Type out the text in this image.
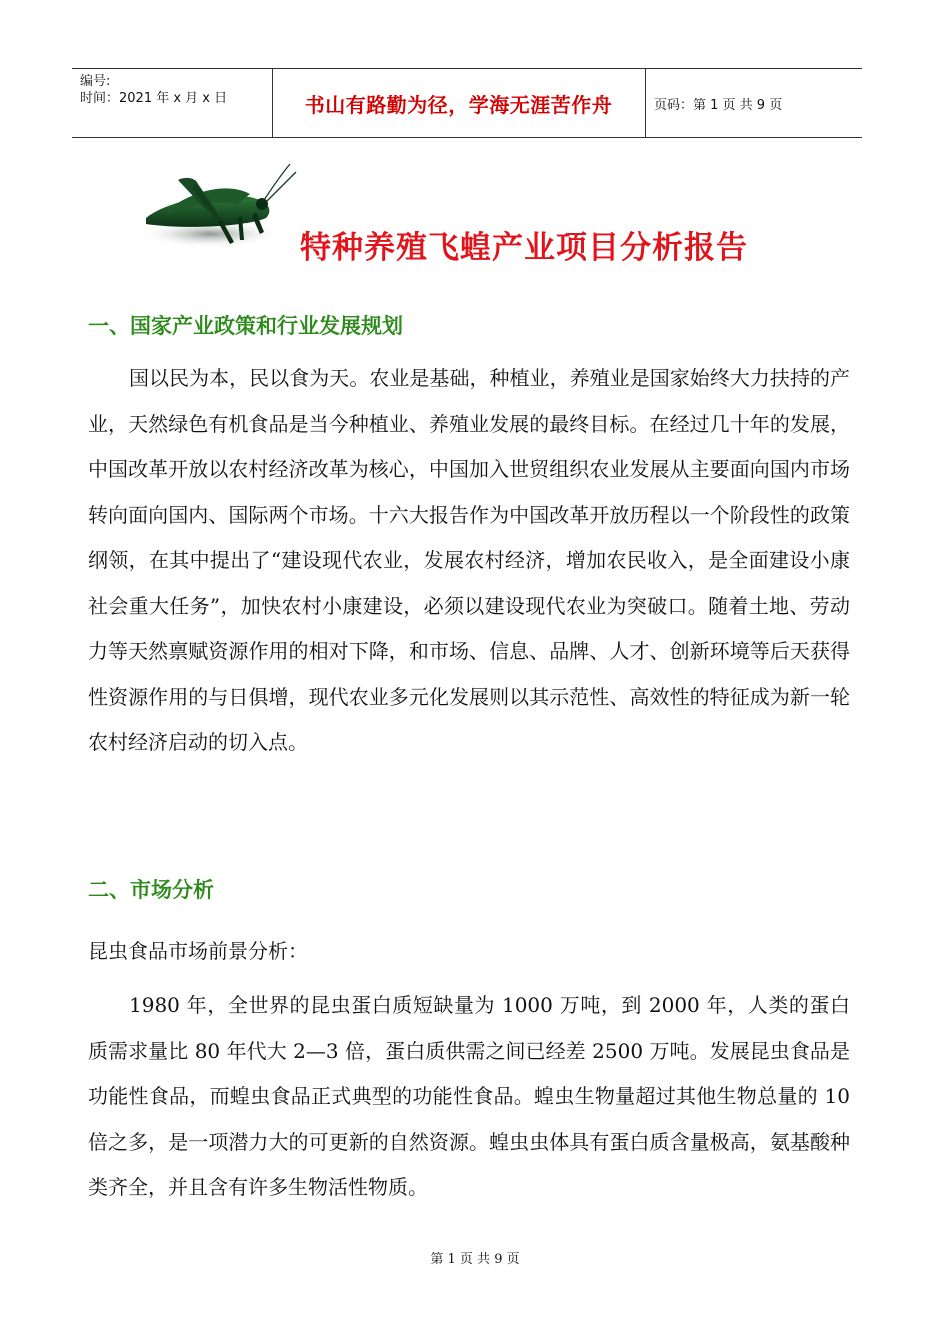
编号:
时间：2021 年 x 月 x 日	书山有路勤为径，学海无涯苦作舟	页码：第 1 页 共 9 页
特种养殖飞蝗产业项目分析报告
一、国家产业政策和行业发展规划

国以民为本，民以食为天。农业是基础，种植业，养殖业是国家始终大力扶持的产业，天然绿色有机食品是当今种植业、养殖业发展的最终目标。在经过几十年的发展，中国改革开放以农村经济改革为核心，中国加入世贸组织农业发展从主要面向国内市场转向面向国内、国际两个市场。十六大报告作为中国改革开放历程以一个阶段性的政策纲领，在其中提出了“建设现代农业，发展农村经济，增加农民收入，是全面建设小康社会重大任务”，加快农村小康建设，必须以建设现代农业为突破口。随着土地、劳动力等天然禀赋资源作用的相对下降，和市场、信息、品牌、人才、创新环境等后天获得性资源作用的与日俱增，现代农业多元化发展则以其示范性、高效性的特征成为新一轮农村经济启动的切入点。

二、市场分析

昆虫食品市场前景分析：

1980 年，全世界的昆虫蛋白质短缺量为 1000 万吨，到 2000 年，人类的蛋白质需求量比 80 年代大 2—3 倍，蛋白质供需之间已经差 2500 万吨。发展昆虫食品是功能性食品，而蝗虫食品正式典型的功能性食品。蝗虫生物量超过其他生物总量的 10 倍之多，是一项潜力大的可更新的自然资源。蝗虫虫体具有蛋白质含量极高，氨基酸种类齐全，并且含有许多生物活性物质。

第 1 页 共 9 页
